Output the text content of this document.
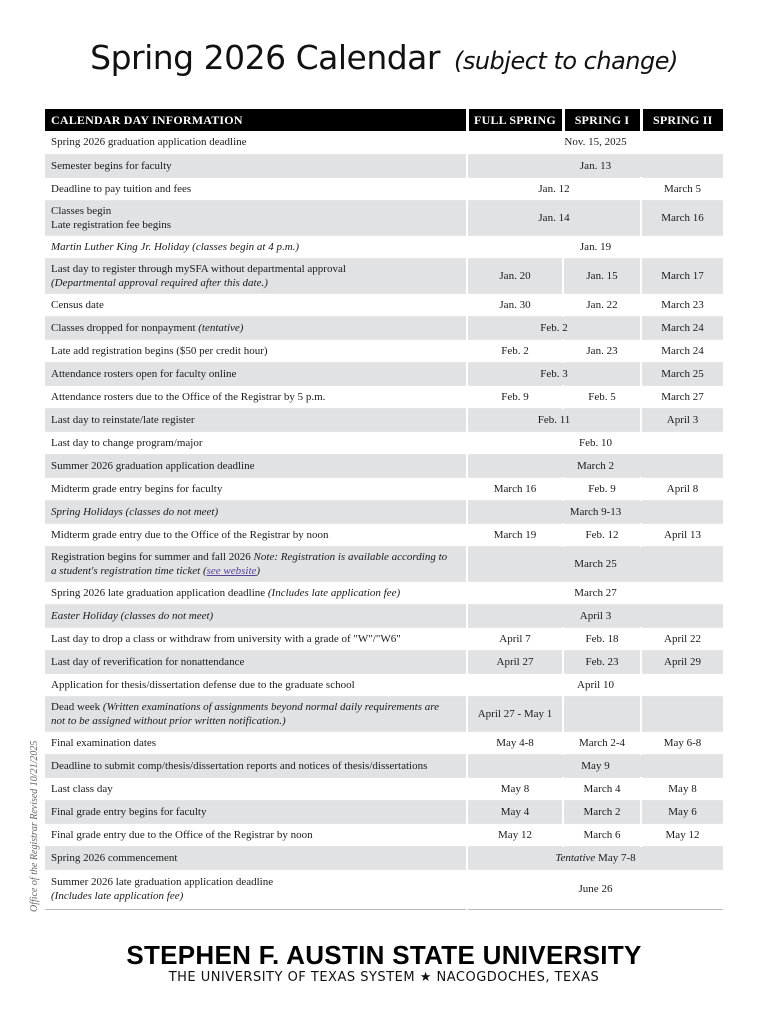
Spring 2026 Calendar (subject to change)
Office of the Registrar Revised 10/21/2025
CALENDAR DAY INFORMATION	FULL SPRING	SPRING I	SPRING II
Spring 2026 graduation application deadline	Nov. 15, 2025		
Semester begins for faculty	Jan. 13		
Deadline to pay tuition and fees	Jan. 12		March 5
Classes begin
Late registration fee begins	Jan. 14		March 16
Martin Luther King Jr. Holiday (classes begin at 4 p.m.)	Jan. 19		
Last day to register through mySFA without departmental approval
(Departmental approval required after this date.)	Jan. 20	Jan. 15	March 17
Census date	Jan. 30	Jan. 22	March 23
Classes dropped for nonpayment (tentative)	Feb. 2		March 24
Late add registration begins ($50 per credit hour)	Feb. 2	Jan. 23	March 24
Attendance rosters open for faculty online	Feb. 3		March 25
Attendance rosters due to the Office of the Registrar by 5 p.m.	Feb. 9	Feb. 5	March 27
Last day to reinstate/late register	Feb. 11		April 3
Last day to change program/major	Feb. 10		
Summer 2026 graduation application deadline	March 2		
Midterm grade entry begins for faculty	March 16	Feb. 9	April 8
Spring Holidays (classes do not meet)	March 9-13		
Midterm grade entry due to the Office of the Registrar by noon	March 19	Feb. 12	April 13
Registration begins for summer and fall 2026 Note: Registration is available according to
a student's registration time ticket (see website)	March 25		
Spring 2026 late graduation application deadline (Includes late application fee)	March 27		
Easter Holiday (classes do not meet)	April 3		
Last day to drop a class or withdraw from university with a grade of "W"/"W6"	April 7	Feb. 18	April 22
Last day of reverification for nonattendance	April 27	Feb. 23	April 29
Application for thesis/dissertation defense due to the graduate school	April 10		
Dead week (Written examinations of assignments beyond normal daily requirements are
not to be assigned without prior written notification.)	April 27 - May 1		
Final examination dates	May 4-8	March 2-4	May 6-8
Deadline to submit comp/thesis/dissertation reports and notices of thesis/dissertations	May 9		
Last class day	May 8	March 4	May 8
Final grade entry begins for faculty	May 4	March 2	May 6
Final grade entry due to the Office of the Registrar by noon	May 12	March 6	May 12
Spring 2026 commencement	Tentative May 7-8		
Summer 2026 late graduation application deadline
(Includes late application fee)	June 26		
STEPHEN F. AUSTIN STATE UNIVERSITY
THE UNIVERSITY OF TEXAS SYSTEM ★ NACOGDOCHES, TEXAS
